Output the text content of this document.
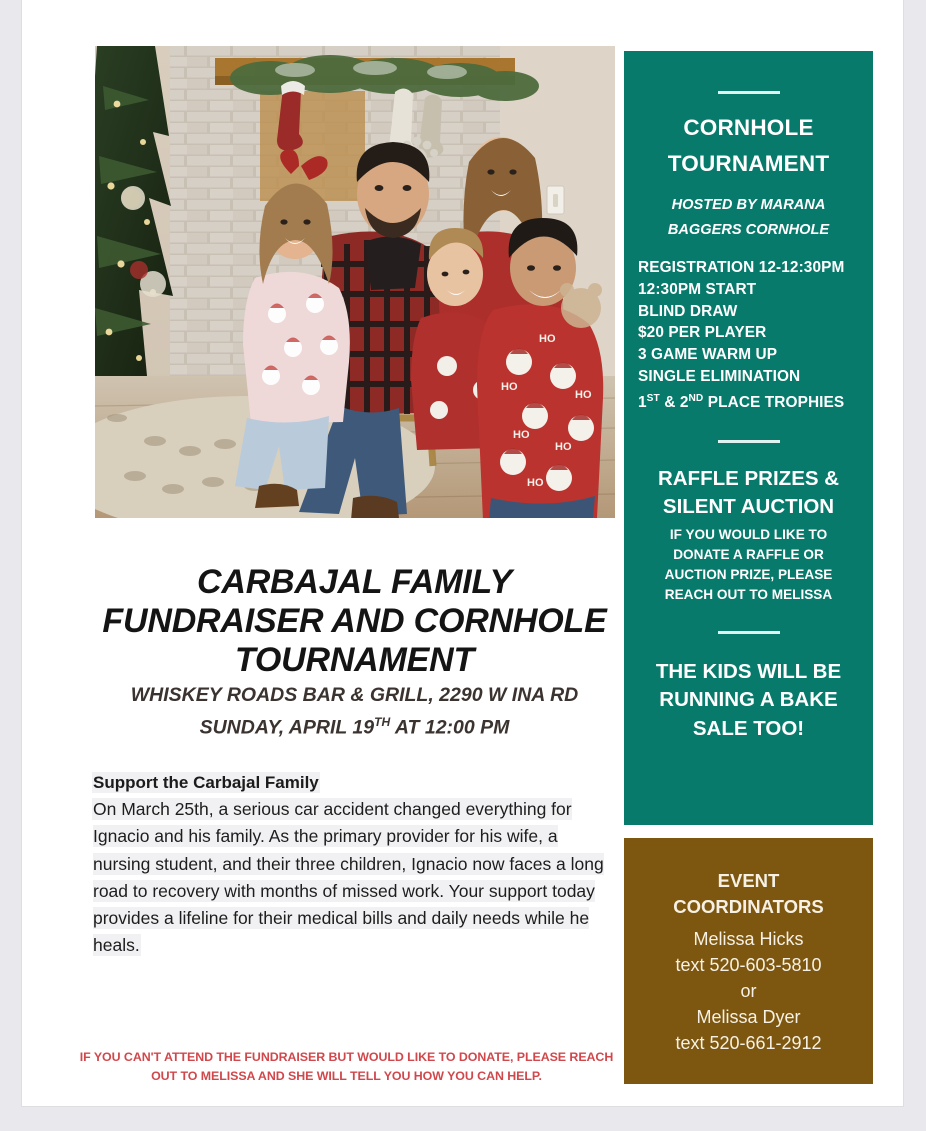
HO
HO
HO
HO
HO
HO
CARBAJAL FAMILY
FUNDRAISER AND CORNHOLE
TOURNAMENT
WHISKEY ROADS BAR & GRILL, 2290 W INA RD
SUNDAY, APRIL 19TH AT 12:00 PM

Support the Carbajal Family
On March 25th, a serious car accident changed everything for Ignacio and his family. As the primary provider for his wife, a nursing student, and their three children, Ignacio now faces a long road to recovery with months of missed work. Your support today provides a lifeline for their medical bills and daily needs while he heals.

IF YOU CAN'T ATTEND THE FUNDRAISER BUT WOULD LIKE TO DONATE, PLEASE REACH OUT TO MELISSA AND SHE WILL TELL YOU HOW YOU CAN HELP.
CORNHOLE
TOURNAMENT
HOSTED BY MARANA
BAGGERS CORNHOLE
REGISTRATION 12-12:30PM
12:30PM START
BLIND DRAW
$20 PER PLAYER
3 GAME WARM UP
SINGLE ELIMINATION
1ST & 2ND PLACE TROPHIES
RAFFLE PRIZES &
SILENT AUCTION
IF YOU WOULD LIKE TO
DONATE A RAFFLE OR
AUCTION PRIZE, PLEASE
REACH OUT TO MELISSA
THE KIDS WILL BE
RUNNING A BAKE
SALE TOO!
EVENT
COORDINATORS
Melissa Hicks
text 520-603-5810
or
Melissa Dyer
text 520-661-2912
